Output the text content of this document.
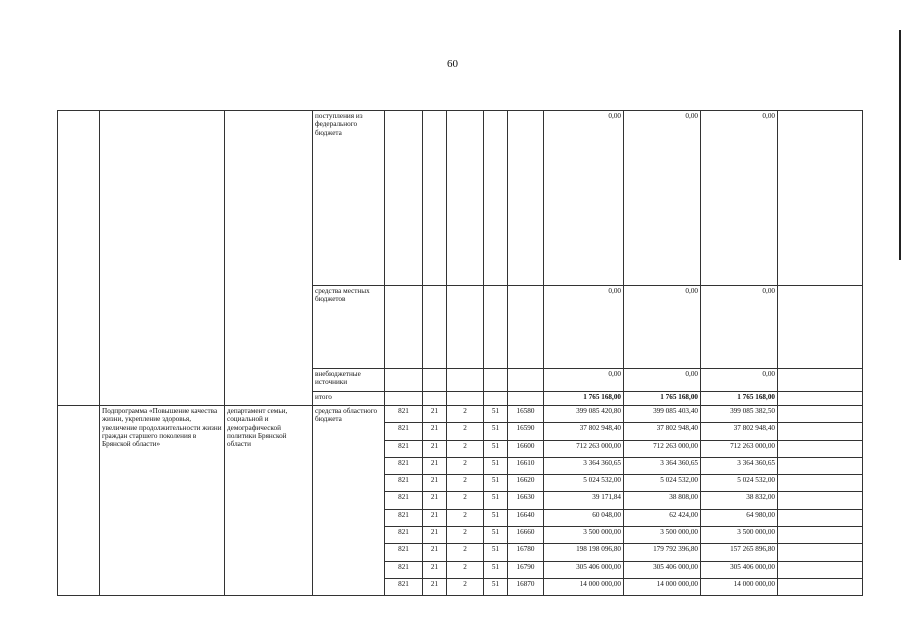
60
			поступления из федерального бюджета						0,00	0,00	0,00	
			средства местных бюджетов						0,00	0,00	0,00	
			внебюджетные источники						0,00	0,00	0,00	
			итого						1 765 168,00	1 765 168,00	1 765 168,00	
	Подпрограмма «Повышение качества жизни, укрепление здоровья, увеличение продолжительности жизни граждан старшего поколения в Брянской области»	департамент семьи, социальной и демографической политики Брянской области	средства областного бюджета	821	21	2	51	16580	399 085 420,80	399 085 403,40	399 085 382,50	
				821	21	2	51	16590	37 802 948,40	37 802 948,40	37 802 948,40	
				821	21	2	51	16600	712 263 000,00	712 263 000,00	712 263 000,00	
				821	21	2	51	16610	3 364 360,65	3 364 360,65	3 364 360,65	
				821	21	2	51	16620	5 024 532,00	5 024 532,00	5 024 532,00	
				821	21	2	51	16630	39 171,84	38 808,00	38 832,00	
				821	21	2	51	16640	60 048,00	62 424,00	64 980,00	
				821	21	2	51	16660	3 500 000,00	3 500 000,00	3 500 000,00	
				821	21	2	51	16780	198 198 096,80	179 792 396,80	157 265 896,80	
				821	21	2	51	16790	305 406 000,00	305 406 000,00	305 406 000,00	
				821	21	2	51	16870	14 000 000,00	14 000 000,00	14 000 000,00	
